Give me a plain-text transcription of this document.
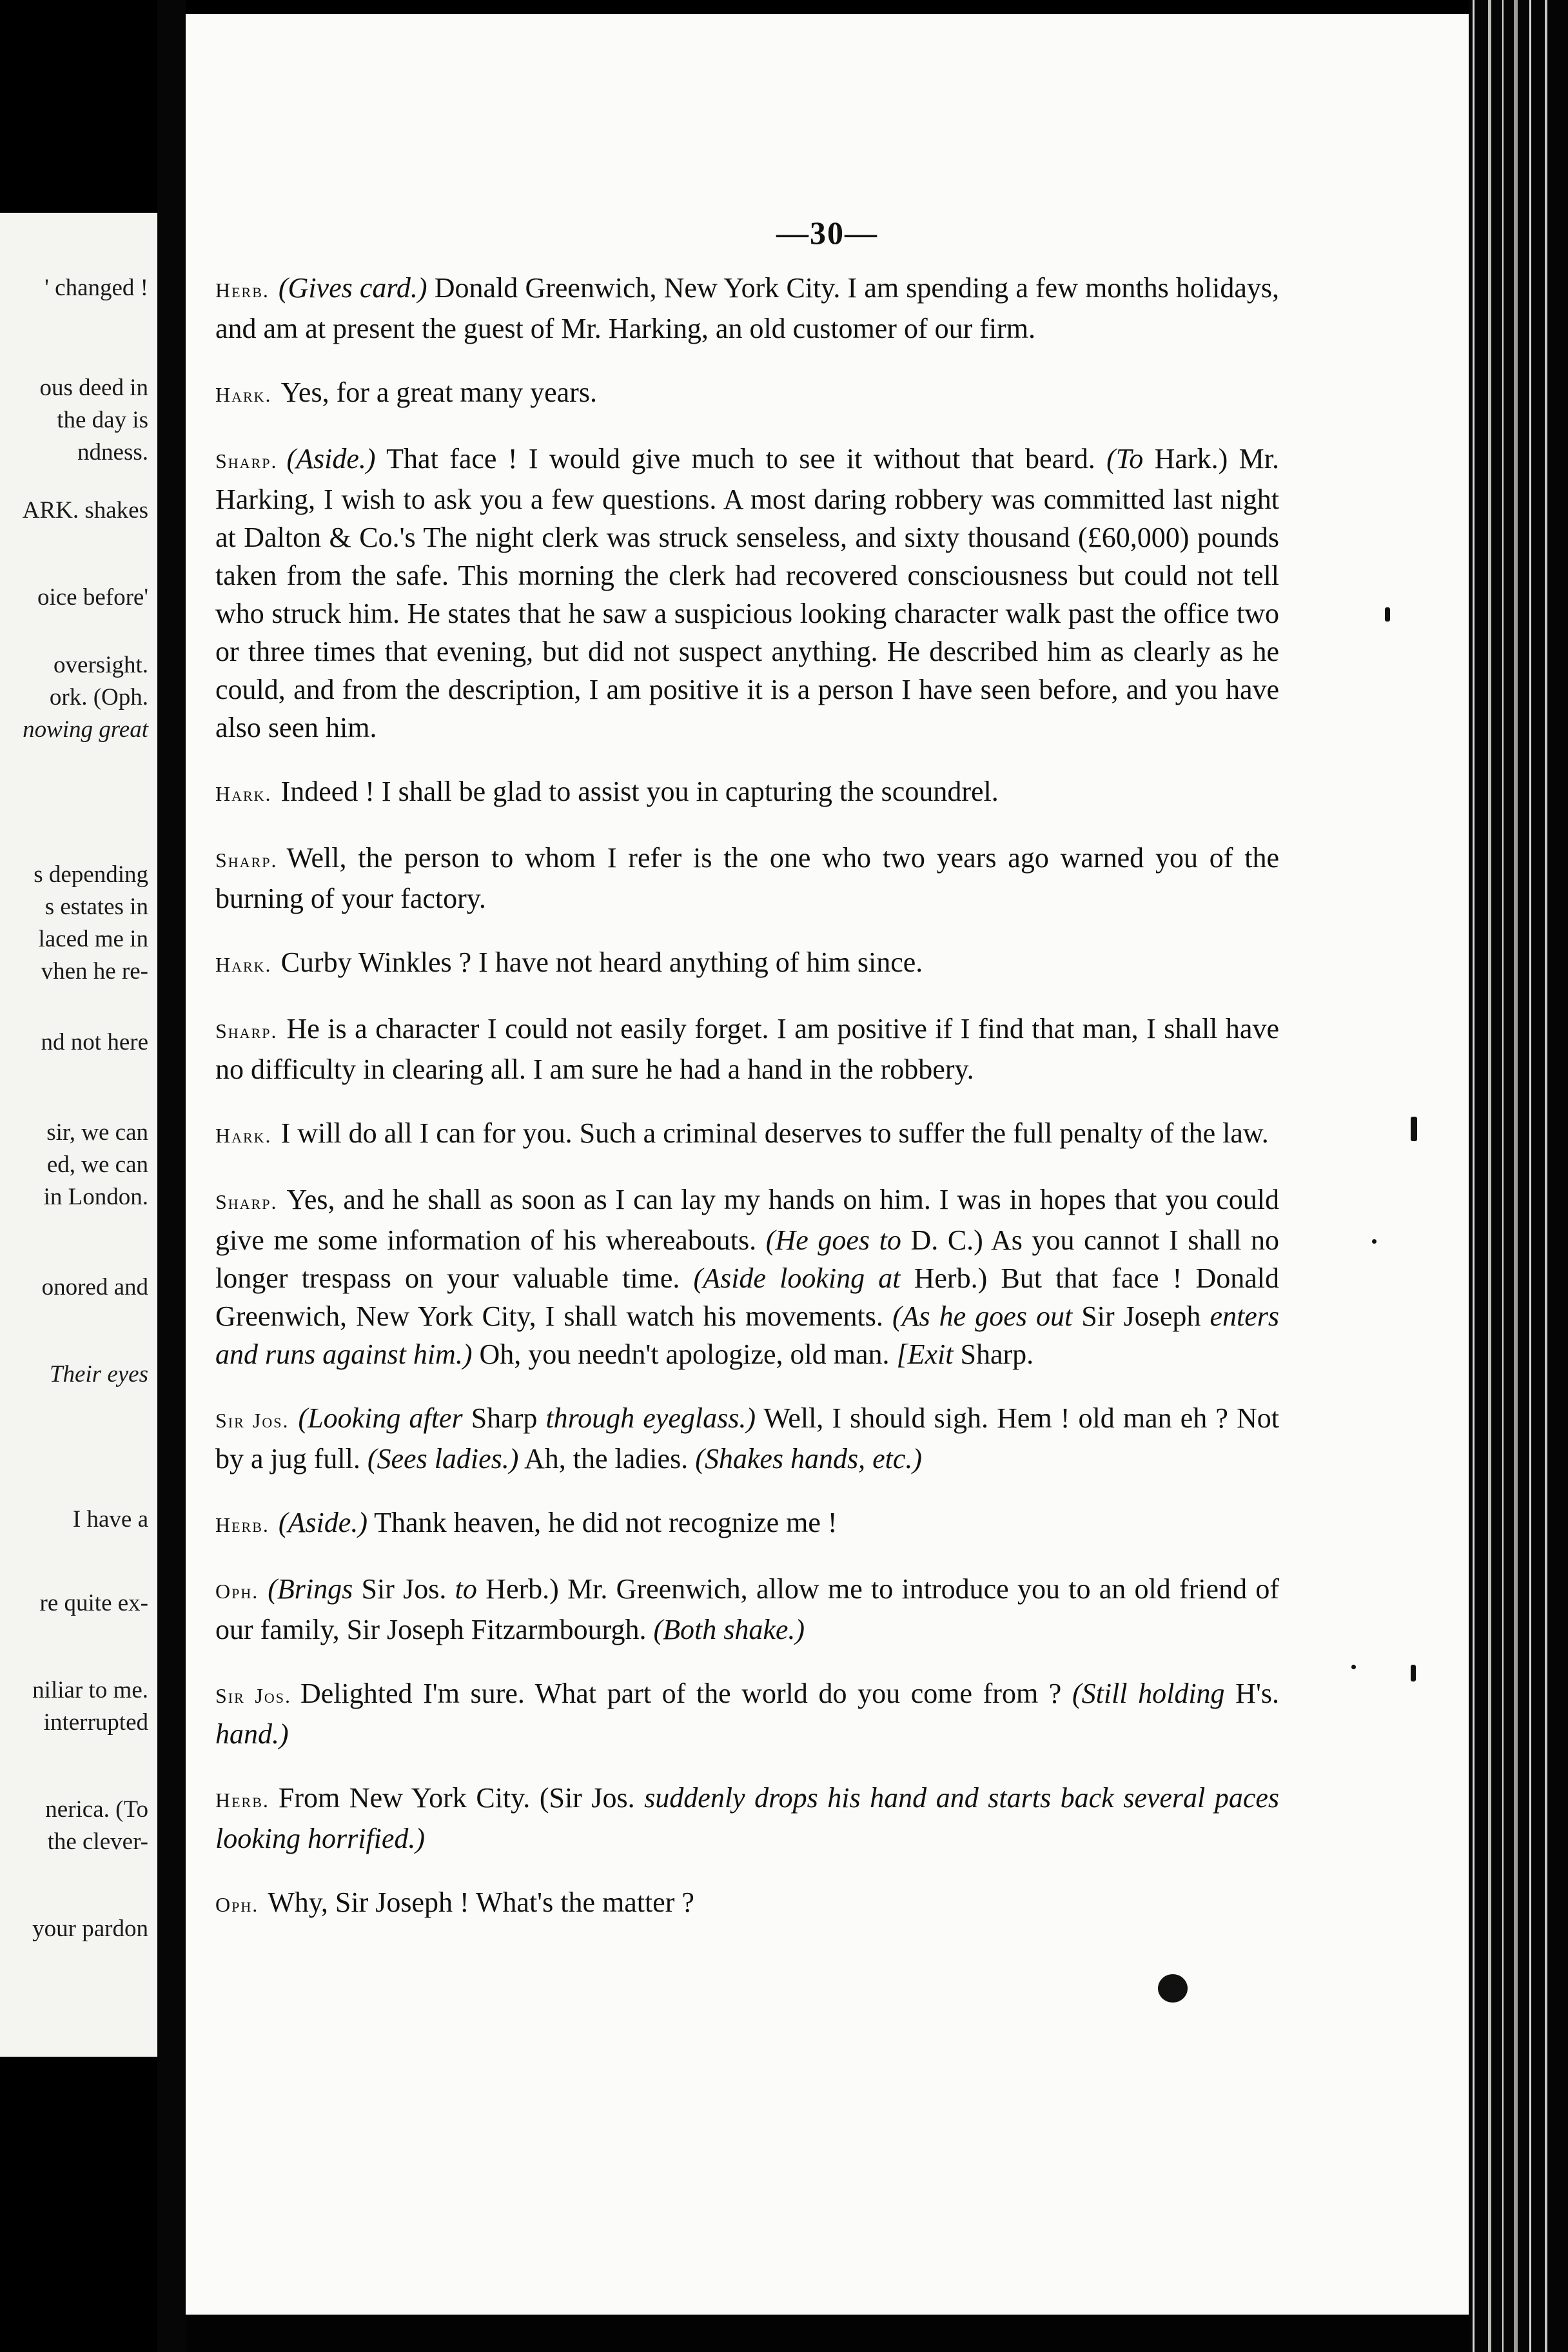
' changed !
ous deed in
the day is
ndness.
ARK. shakes
oice before'
oversight.
ork. (Oph.
nowing great
s depending
s estates in
laced me in
vhen he re-
nd not here
sir, we can
ed, we can
in London.
onored and
Their eyes
I have a
re quite ex-
niliar to me.
interrupted
nerica. (To
the clever-
your pardon
—30—

Herb. (Gives card.) Donald Greenwich, New York City. I am spending a few months holidays, and am at present the guest of Mr. Harking, an old customer of our firm.

Hark. Yes, for a great many years.

Sharp. (Aside.) That face ! I would give much to see it without that beard. (To Hark.) Mr. Harking, I wish to ask you a few questions. A most daring robbery was committed last night at Dalton & Co.'s The night clerk was struck senseless, and sixty thousand (£60,000) pounds taken from the safe. This morning the clerk had recovered consciousness but could not tell who struck him. He states that he saw a suspicious looking character walk past the office two or three times that evening, but did not suspect anything. He described him as clearly as he could, and from the description, I am positive it is a person I have seen before, and you have also seen him.

Hark. Indeed ! I shall be glad to assist you in capturing the scoundrel.

Sharp. Well, the person to whom I refer is the one who two years ago warned you of the burning of your factory.

Hark. Curby Winkles ? I have not heard anything of him since.

Sharp. He is a character I could not easily forget. I am positive if I find that man, I shall have no difficulty in clearing all. I am sure he had a hand in the robbery.

Hark. I will do all I can for you. Such a criminal deserves to suffer the full penalty of the law.

Sharp. Yes, and he shall as soon as I can lay my hands on him. I was in hopes that you could give me some information of his whereabouts. (He goes to D. C.) As you cannot I shall no longer trespass on your valuable time. (Aside looking at Herb.) But that face ! Donald Greenwich, New York City, I shall watch his movements. (As he goes out Sir Joseph enters and runs against him.) Oh, you needn't apologize, old man. [Exit Sharp.

Sir Jos. (Looking after Sharp through eyeglass.) Well, I should sigh. Hem ! old man eh ? Not by a jug full. (Sees ladies.) Ah, the ladies. (Shakes hands, etc.)

Herb. (Aside.) Thank heaven, he did not recognize me !

Oph. (Brings Sir Jos. to Herb.) Mr. Greenwich, allow me to introduce you to an old friend of our family, Sir Joseph Fitzarmbourgh. (Both shake.)

Sir Jos. Delighted I'm sure. What part of the world do you come from ? (Still holding H's. hand.)

Herb. From New York City. (Sir Jos. suddenly drops his hand and starts back several paces looking horrified.)

Oph. Why, Sir Joseph ! What's the matter ?
